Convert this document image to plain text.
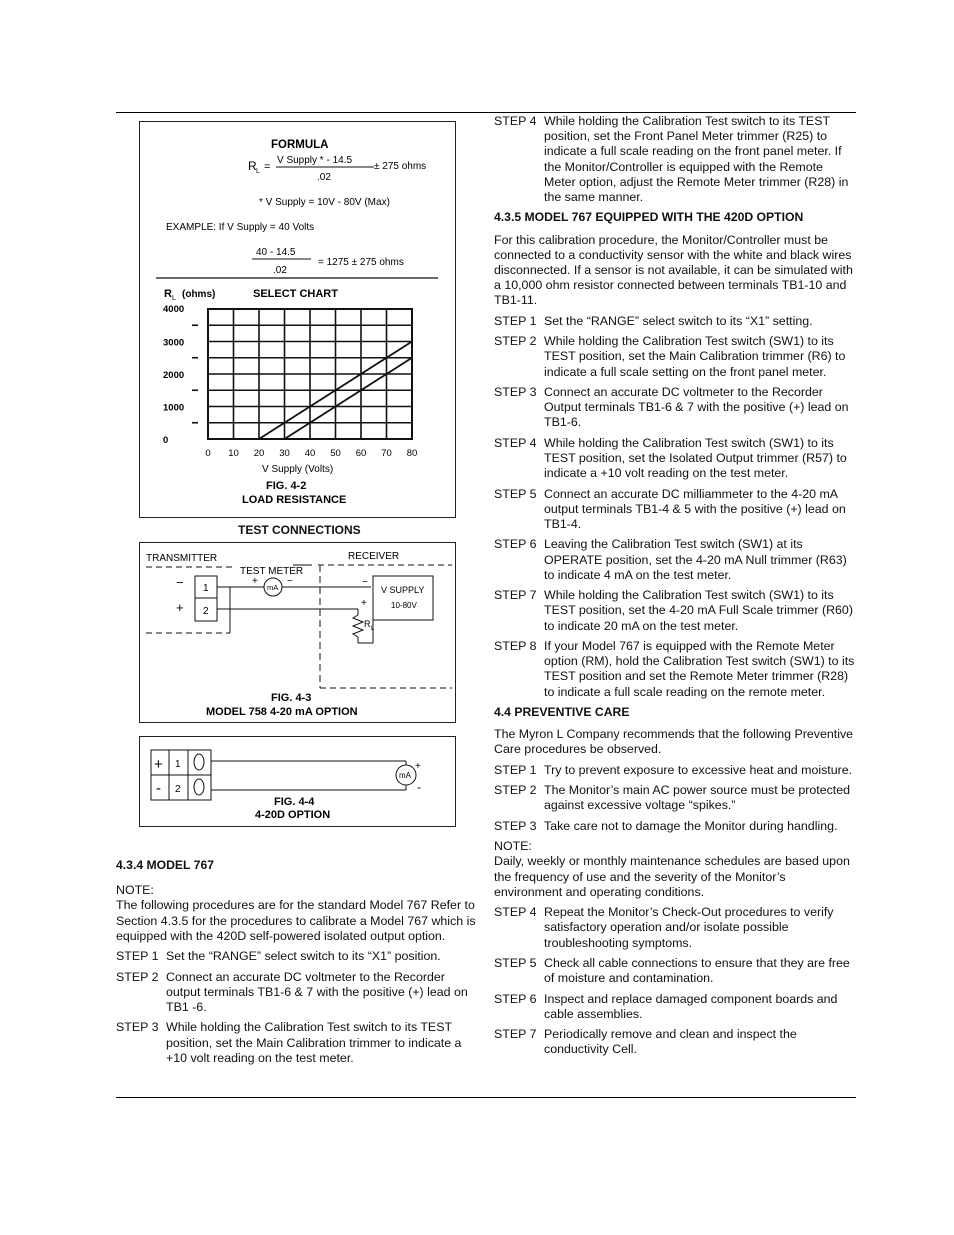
FORMULA
R L =
V Supply * - 14.5
.02
± 275 ohms
* V Supply = 10V - 80V (Max)
EXAMPLE: If V Supply = 40 Volts
40 - 14.5
.02
= 1275 ± 275 ohms
R L (ohms)	SELECT CHART
4000
3000
2000
1000
0
0 10 20 30 40 50 60 70 80
V Supply (Volts)
FIG. 4-2
LOAD RESISTANCE
TEST CONNECTIONS
TRANSMITTER	RECEIVER
TEST METER
−
+
1
2
mA
+	−	−
V SUPPLY
10-80V
+
R L
FIG. 4-3
MODEL 758 4-20 mA OPTION
+
-
1
2
mA
+
-
FIG. 4-4
4-20D OPTION
4.3.4 MODEL 767
NOTE:

The following procedures are for the standard Model 767 Refer to Section 4.3.5 for the procedures to calibrate a Model 767 which is equipped with the 420D self-powered isolated output option.

STEP 1 Set the “RANGE” select switch to its “X1” position.
STEP 2 Connect an accurate DC voltmeter to the Recorder output terminals TB1-6 & 7 with the positive (+) lead on TB1 -6.
STEP 3 While holding the Calibration Test switch to its TEST position, set the Main Calibration trimmer to indicate a +10 volt reading on the test meter.
STEP 4 While holding the Calibration Test switch to its TEST position, set the Front Panel Meter trimmer (R25) to indicate a full scale reading on the front panel meter. If the Monitor/Controller is equipped with the Remote Meter option, adjust the Remote Meter trimmer (R28) in the same manner.
4.3.5 MODEL 767 EQUIPPED WITH THE 420D OPTION

For this calibration procedure, the Monitor/Controller must be connected to a conductivity sensor with the white and black wires disconnected. If a sensor is not available, it can be simulated with a 10,000 ohm resistor connected between terminals TB1-10 and TB1-11.

STEP 1 Set the “RANGE” select switch to its “X1” setting.
STEP 2 While holding the Calibration Test switch (SW1) to its TEST position, set the Main Calibration trimmer (R6) to indicate a full scale setting on the front panel meter.
STEP 3 Connect an accurate DC voltmeter to the Recorder Output terminals TB1-6 & 7 with the positive (+) lead on TB1-6.
STEP 4 While holding the Calibration Test switch (SW1) to its TEST position, set the Isolated Output trimmer (R57) to indicate a +10 volt reading on the test meter.
STEP 5 Connect an accurate DC milliammeter to the 4-20 mA output terminals TB1-4 & 5 with the positive (+) lead on TB1-4.
STEP 6 Leaving the Calibration Test switch (SW1) at its OPERATE position, set the 4-20 mA Null trimmer (R63) to indicate 4 mA on the test meter.
STEP 7 While holding the Calibration Test switch (SW1) to its TEST position, set the 4-20 mA Full Scale trimmer (R60) to indicate 20 mA on the test meter.
STEP 8 If your Model 767 is equipped with the Remote Meter option (RM), hold the Calibration Test switch (SW1) to its TEST position and set the Remote Meter trimmer (R28) to indicate a full scale reading on the remote meter.
4.4 PREVENTIVE CARE

The Myron L Company recommends that the following Preventive Care procedures be observed.

STEP 1 Try to prevent exposure to excessive heat and moisture.
STEP 2 The Monitor’s main AC power source must be protected against excessive voltage “spikes.”
STEP 3 Take care not to damage the Monitor during handling.
NOTE:

Daily, weekly or monthly maintenance schedules are based upon the frequency of use and the severity of the Monitor’s environment and operating conditions.

STEP 4 Repeat the Monitor’s Check-Out procedures to verify satisfactory operation and/or isolate possible troubleshooting symptoms.
STEP 5 Check all cable connections to ensure that they are free of moisture and contamination.
STEP 6 Inspect and replace damaged component boards and cable assemblies.
STEP 7 Periodically remove and clean and inspect the conductivity Cell.
